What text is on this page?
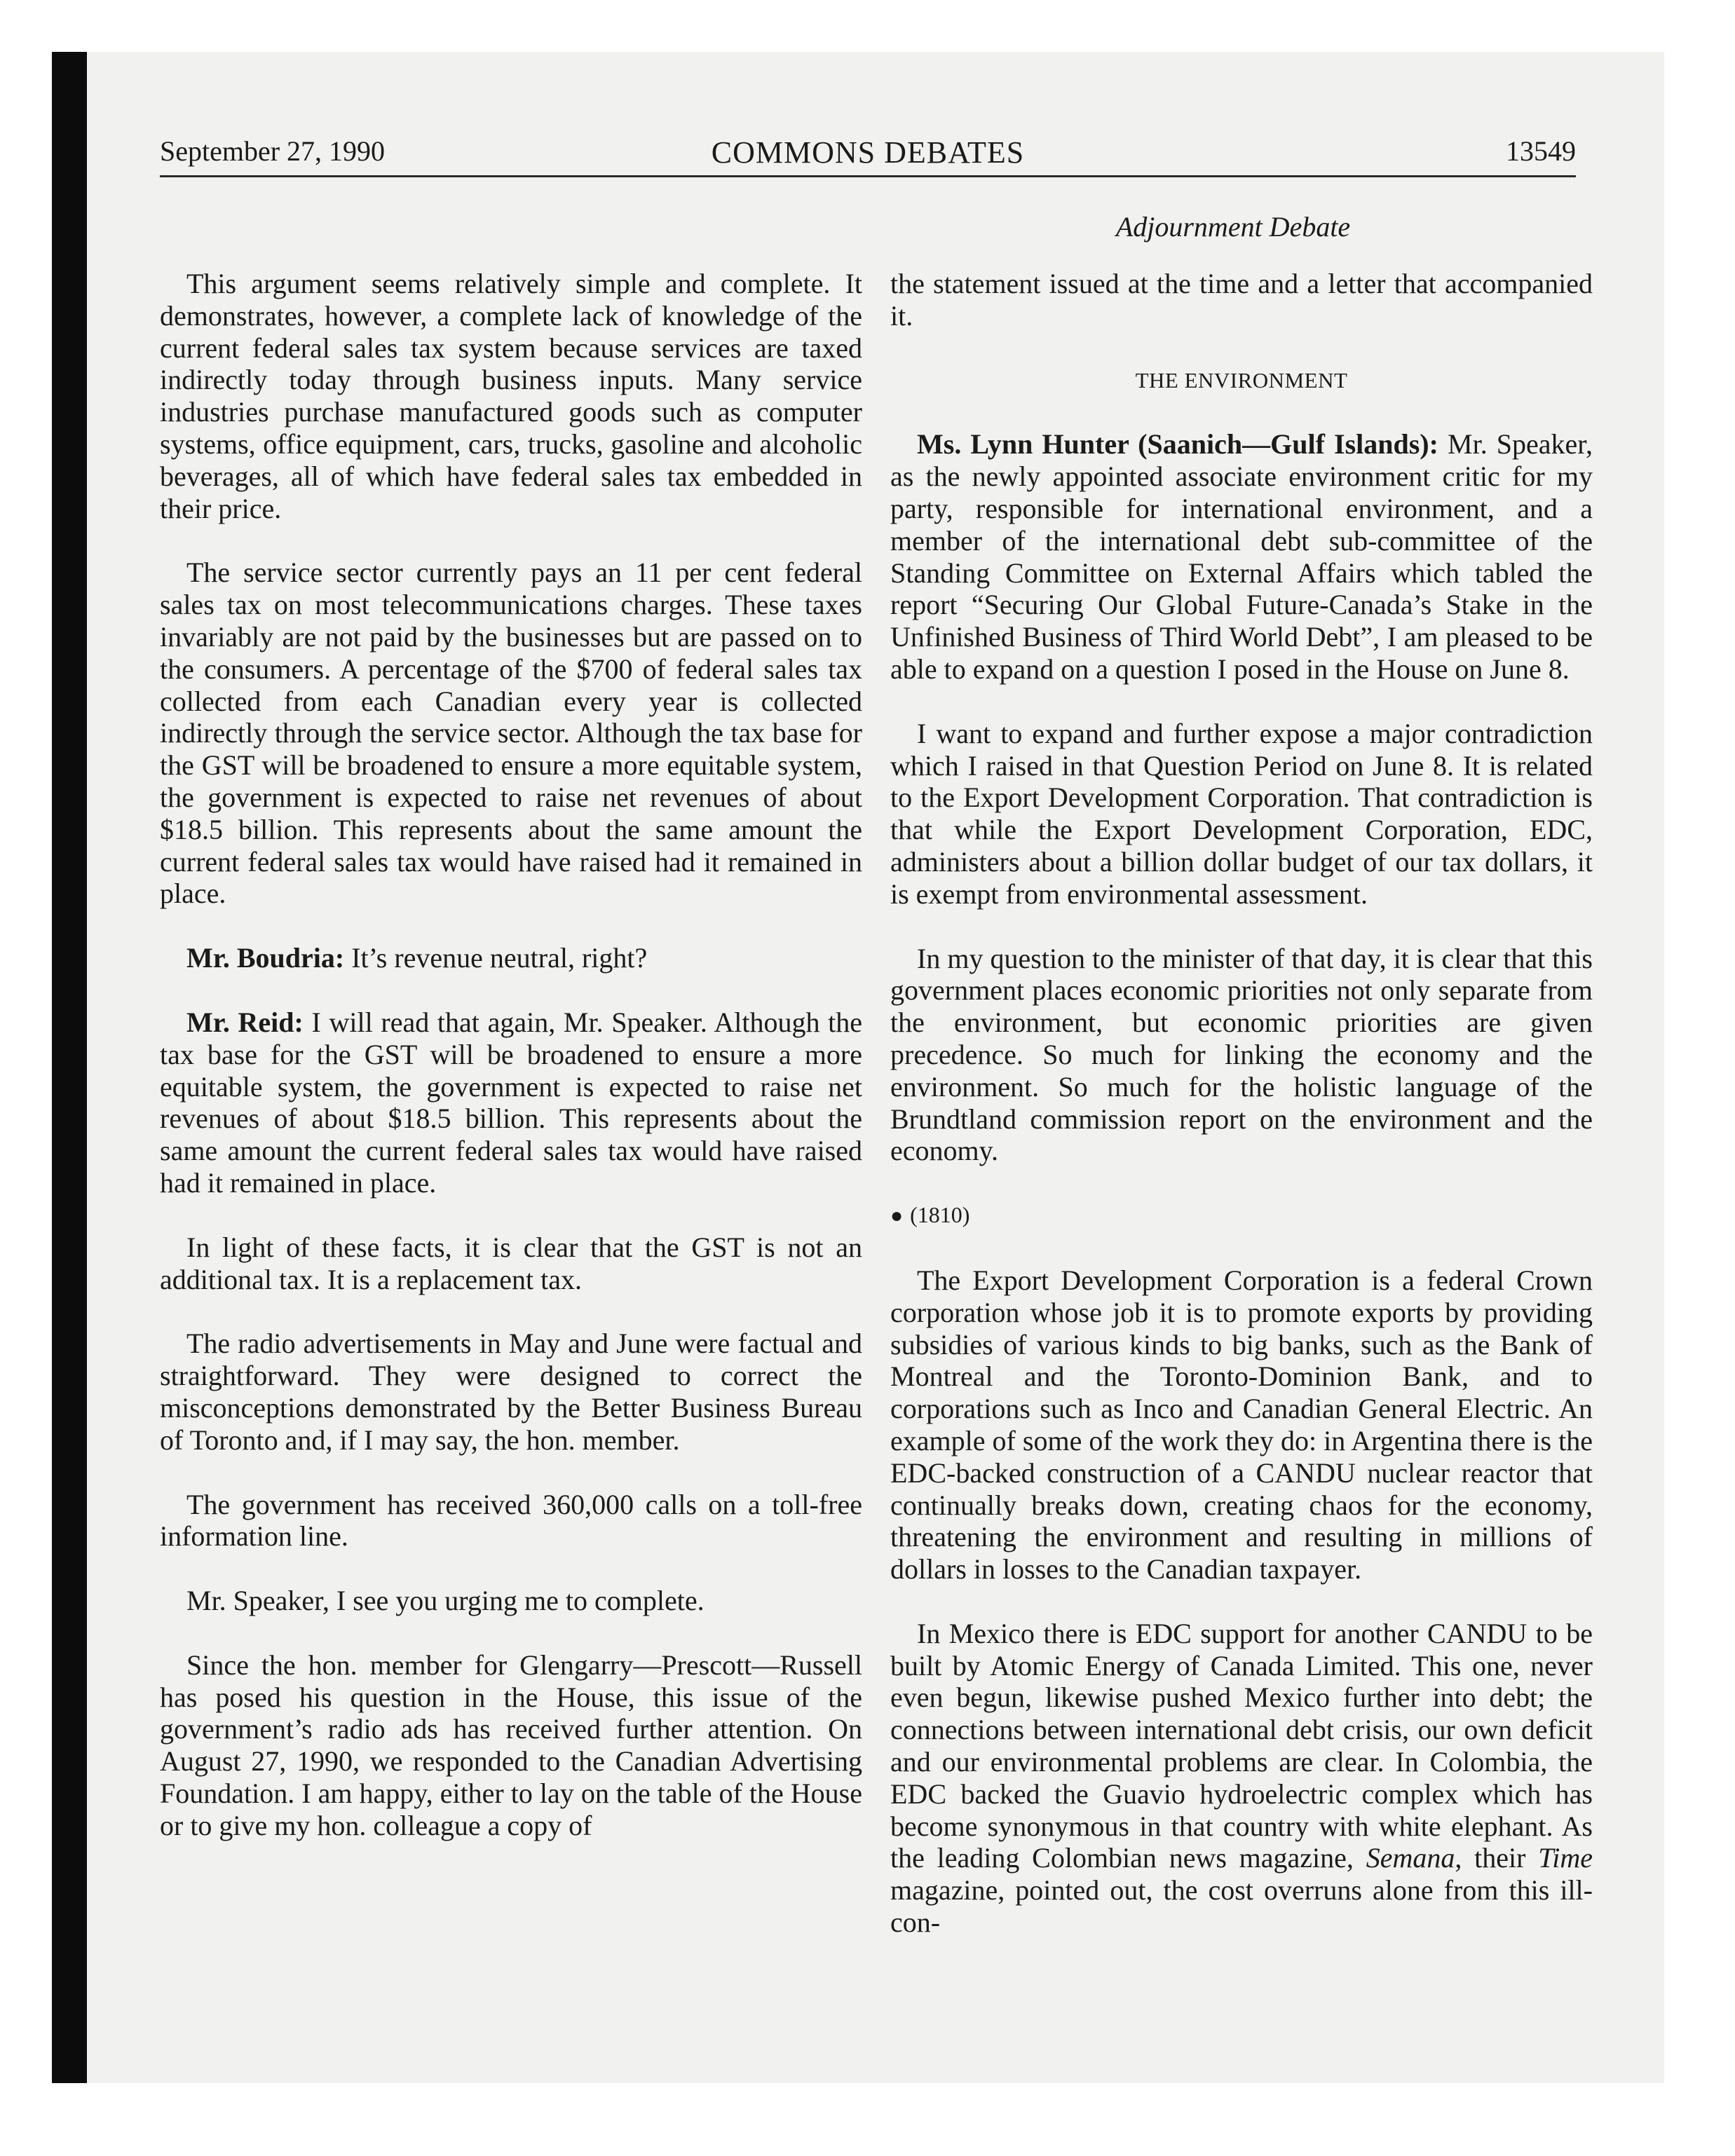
September 27, 1990	COMMONS DEBATES	13549
Adjournment Debate

This argument seems relatively simple and complete. It demonstrates, however, a complete lack of knowledge of the current federal sales tax system because services are taxed indirectly today through business inputs. Many service industries purchase manufactured goods such as computer systems, office equipment, cars, trucks, gasoline and alcoholic beverages, all of which have federal sales tax embedded in their price.

The service sector currently pays an 11 per cent federal sales tax on most telecommunications charges. These taxes invariably are not paid by the businesses but are passed on to the consumers. A percentage of the $700 of federal sales tax collected from each Canadian every year is collected indirectly through the service sector. Although the tax base for the GST will be broadened to ensure a more equitable system, the government is expected to raise net revenues of about $18.5 billion. This represents about the same amount the current federal sales tax would have raised had it remained in place.

Mr. Boudria: It’s revenue neutral, right?

Mr. Reid: I will read that again, Mr. Speaker. Although the tax base for the GST will be broadened to ensure a more equitable system, the government is expected to raise net revenues of about $18.5 billion. This represents about the same amount the current federal sales tax would have raised had it remained in place.

In light of these facts, it is clear that the GST is not an additional tax. It is a replacement tax.

The radio advertisements in May and June were factual and straightforward. They were designed to correct the misconceptions demonstrated by the Better Business Bureau of Toronto and, if I may say, the hon. member.

The government has received 360,000 calls on a toll-free information line.

Mr. Speaker, I see you urging me to complete.

Since the hon. member for Glengarry—Prescott—Russell has posed his question in the House, this issue of the government’s radio ads has received further attention. On August 27, 1990, we responded to the Canadian Advertising Foundation. I am happy, either to lay on the table of the House or to give my hon. colleague a copy of

the statement issued at the time and a letter that accompanied it.

THE ENVIRONMENT

Ms. Lynn Hunter (Saanich—Gulf Islands): Mr. Speaker, as the newly appointed associate environment critic for my party, responsible for international environment, and a member of the international debt sub-committee of the Standing Committee on External Affairs which tabled the report “Securing Our Global Future-Canada’s Stake in the Unfinished Business of Third World Debt”, I am pleased to be able to expand on a question I posed in the House on June 8.

I want to expand and further expose a major contradiction which I raised in that Question Period on June 8. It is related to the Export Development Corporation. That contradiction is that while the Export Development Corporation, EDC, administers about a billion dollar budget of our tax dollars, it is exempt from environmental assessment.

In my question to the minister of that day, it is clear that this government places economic priorities not only separate from the environment, but economic priorities are given precedence. So much for linking the economy and the environment. So much for the holistic language of the Brundtland commission report on the environment and the economy.

● (1810)

The Export Development Corporation is a federal Crown corporation whose job it is to promote exports by providing subsidies of various kinds to big banks, such as the Bank of Montreal and the Toronto-Dominion Bank, and to corporations such as Inco and Canadian General Electric. An example of some of the work they do: in Argentina there is the EDC-backed construction of a CANDU nuclear reactor that continually breaks down, creating chaos for the economy, threatening the environment and resulting in millions of dollars in losses to the Canadian taxpayer.

In Mexico there is EDC support for another CANDU to be built by Atomic Energy of Canada Limited. This one, never even begun, likewise pushed Mexico further into debt; the connections between international debt crisis, our own deficit and our environmental problems are clear. In Colombia, the EDC backed the Guavio hydroelectric complex which has become synonymous in that country with white elephant. As the leading Colombian news magazine, Semana, their Time magazine, pointed out, the cost overruns alone from this ill-con-
